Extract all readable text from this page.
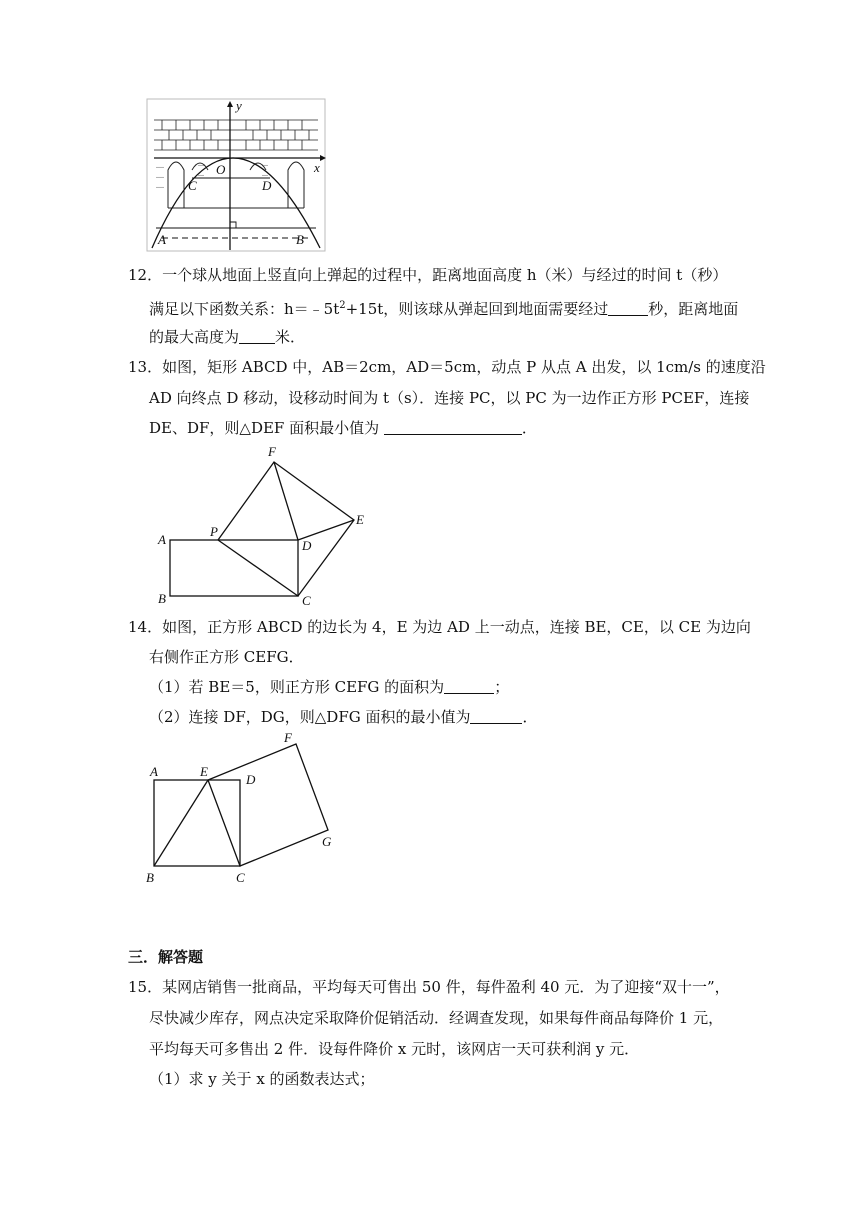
∙∙∙∙
∙∙∙∙
∙∙∙∙
∙∙∙
∙∙∙
∙∙∙
∙∙∙
y
x
O
C	D
A	B
12．一个球从地面上竖直向上弹起的过程中，距离地面高度 h（米）与经过的时间 t（秒）
满足以下函数关系：$h=﹣5t^2+15t$，则该球从弹起回到地面需要经过	秒，距离地面
的最大高度为 米．
13．如图，矩形 ABCD 中，AB＝2cm，AD＝5cm，动点 P 从点 A 出发，以 1cm/s 的速度沿
AD 向终点 D 移动，设移动时间为 t（s）．连接 PC，以 PC 为一边作正方形 PCEF，连接
DE、DF，则△DEF 面积最小值为	．
F
E
A
P
D
B	C
14．如图，正方形 ABCD 的边长为 4，E 为边 AD 上一动点，连接 BE，CE，以 CE 为边向
右侧作正方形 CEFG．
（1）若 BE＝5，则正方形 CEFG 的面积为	；
（2）连接 DF，DG，则△DFG 面积的最小值为	．
A	E
D
F
G
B	C
三．解答题
15．某网店销售一批商品，平均每天可售出 50 件，每件盈利 40 元．为了迎接“双十一”，
尽快减少库存，网点决定采取降价促销活动．经调查发现，如果每件商品每降价 1 元，
平均每天可多售出 2 件．设每件降价 x 元时，该网店一天可获利润 y 元．
（1）求 y 关于 x 的函数表达式；
